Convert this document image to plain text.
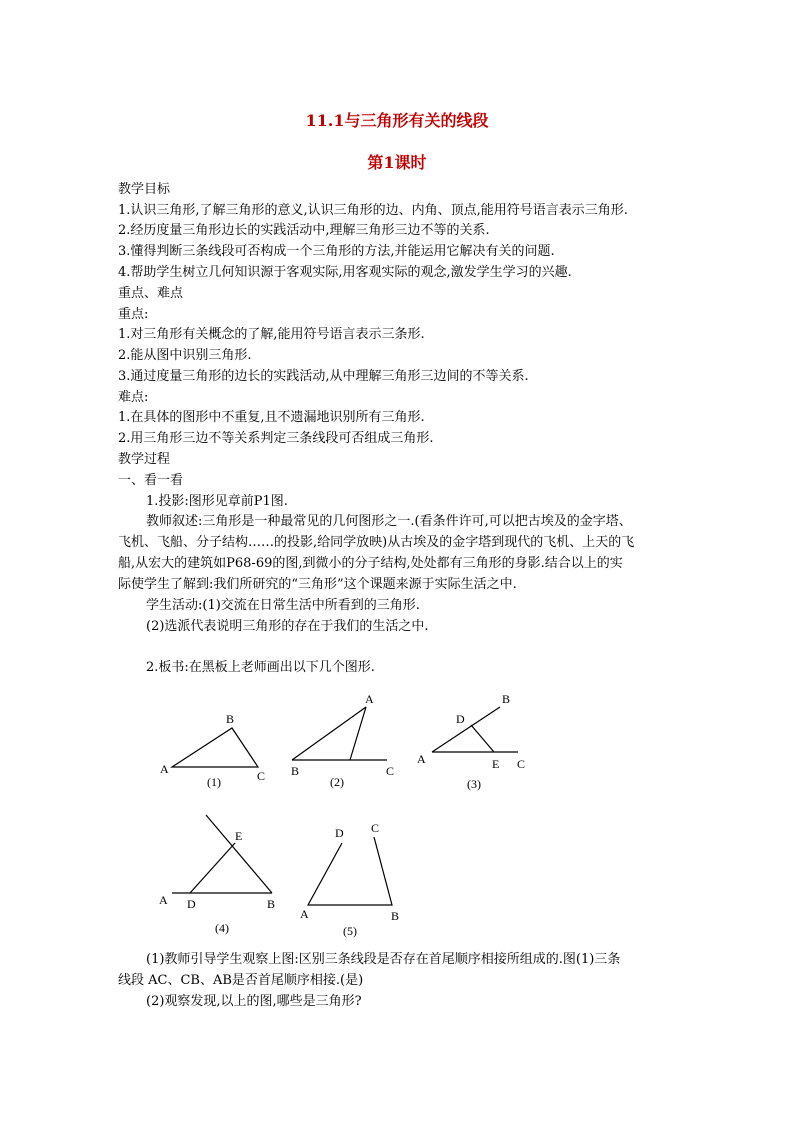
11.1与三角形有关的线段
第1课时
教学目标
1.认识三角形,了解三角形的意义,认识三角形的边、内角、顶点,能用符号语言表示三角形.
2.经历度量三角形边长的实践活动中,理解三角形三边不等的关系.
3.懂得判断三条线段可否构成一个三角形的方法,并能运用它解决有关的问题.
4.帮助学生树立几何知识源于客观实际,用客观实际的观念,激发学生学习的兴趣.
重点、难点
重点:
1.对三角形有关概念的了解,能用符号语言表示三条形.
2.能从图中识别三角形.
3.通过度量三角形的边长的实践活动,从中理解三角形三边间的不等关系.
难点:
1.在具体的图形中不重复,且不遗漏地识别所有三角形.
2.用三角形三边不等关系判定三条线段可否组成三角形.
教学过程
一、看一看
1.投影:图形见章前P1图.
教师叙述:三角形是一种最常见的几何图形之一.(看条件许可,可以把古埃及的金字塔、
飞机、飞船、分子结构……的投影,给同学放映)从古埃及的金字塔到现代的飞机、上天的飞
船,从宏大的建筑如P68-69的图,到微小的分子结构,处处都有三角形的身影.结合以上的实
际使学生了解到:我们所研究的“三角形”这个课题来源于实际生活之中.
学生活动:(1)交流在日常生活中所看到的三角形.
(2)选派代表说明三角形的存在于我们的生活之中.
2.板书:在黑板上老师画出以下几个图形.
A
B
C
(1)
A
B	C
(2)
A
B
C
D
E
(3)
A	B
D
E
(4)
D C
A	B
(5)
(1)教师引导学生观察上图:区别三条线段是否存在首尾顺序相接所组成的.图(1)三条
线段 AC、CB、AB是否首尾顺序相接.(是)
(2)观察发现,以上的图,哪些是三角形?
